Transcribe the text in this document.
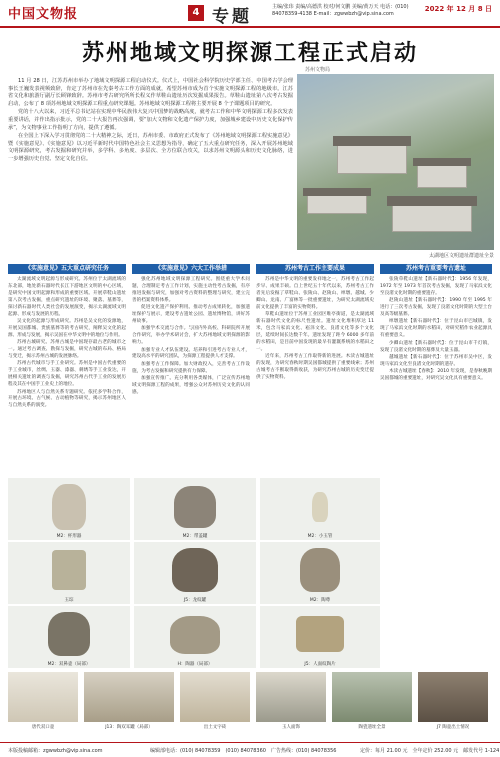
中国文物报	4 专题	主编/张玮 责编/高德洪 校对/何文鹏 美编/黄万天 电话：(010) 84078359-4138 E-mail：zgwwbzh@vip.sina.com
2022 年 12 月 8 日
苏州地域文明探源工程正式启动
苏州文物局

11 月 28 日，江苏苏州市举办了地域文明探源工程启动仪式。仪式上，中国社会科学院历史学部主任、中国考古学会理事长王巍发表视频致辞，肯定了苏州市在先秦考古工作方面的成就，希望苏州市成为首个实施文明探源工程的地级市。江苏省文化和旅游厅副厅长顾锋致辞。苏州市考古研究所所长程义作草鞋山遗址历次发掘成果报告。草鞋山遗址第八次考古发掘启动，公布了 8 项苏州地域文明探源工程重点研究课题。苏州地域文明探源工程将主要开展 8 个子课题项目的研究。

党的十八大以来，习近平总书记站在实现中华民族伟大复兴中国梦的战略高度，就考古工作和中华文明探源工程多次发表重要讲话，并作出指示批示，党的二十大报告再次强调，要“加大文物和文化遗产保护力度，加强城乡建设中历史文化保护传承”，为文物事业工作指明了方向，提供了遵循。

在全国上下深入学习贯彻党的二十大精神之际，近日，苏州市委、市政府正式发布了《苏州地域文明探源工程实施意见》暨《实施意见》、《实施意见》以习近平新时代中国特色社会主义思想为指导，确定了五大重点研究任务，深入开展苏州地域文明探源研究，考古发掘和研究并举，多学科、多角度、多层次、全方位联合攻关，以求苏州文明源头和历史文化脉络，进一步增强历史自觉、坚定文化自信。

太湖地区文明遗址群遗址全景
《实施意见》五大重点研究任务

太湖流域文明起源与形成研究。苏州位于太湖流域的东北部，地处新石器时代长江下游地区文明的中心区域，是研究中国文明起源和形成的重要区域。开展草鞋山遗址第八次考古发掘，重点研究遗址的环境、聚落、墓葬等，探讨新石器时代人类社会的发展演变，揭示太湖流域文明起源、形成与发展的历程。

吴文化的起源与形成研究。苏州是吴文化的发源地，开展吴国都城、贵族墓葬等的考古研究，阐释吴文化的起源、形成与发展，揭示吴国在中华文明中的地位与作用。

苏州古城研究。苏州古城是中国现存最古老的城市之一。通过考古调查、勘探与发掘，研究古城的布局、格局与变迁，揭示苏州古城的发展脉络。

苏州古代城市与手工业研究。苏州是中国古代重要的手工业城市，丝绸、玉器、漆器、刺绣等手工业发达，开展相关遗址的调查与发掘，研究苏州古代手工业的发展历程及其在中国手工业史上的地位。

苏州地区人与自然关系专题研究。依托多学科合作，开展古环境、古气候、古动植物等研究，揭示苏州地区人与自然关系的演变。

《实施意见》六大工作举措

强化苏州地域文明探源工程研究。围绕重大学术问题，合理制定考古工作计划，实施主动性考古发掘，有序推进发掘与研究，加强对考古资料的整理与研究，建立完善的档案资料体系。

促进文化遗产保护利用。推动考古成果转化，加强遗址保护与展示，建设考古遗址公园、遗址博物馆，讲好苏州故事。

加强学术交流与合作。与国内外高校、科研院所开展合作研究，举办学术研讨会，扩大苏州地域文明探源的影响力。

加强专业人才队伍建设。培养和引进考古专业人才，建设高水平的研究团队，为探源工程提供人才支撑。

加强考古工作保障。加大财政投入，完善考古工作设施，为考古发掘和研究提供有力保障。

加强宣传推广。充分利用各类媒体，广泛宣传苏州地域文明探源工程的成果，增强公众对苏州历史文化的认同感。

苏州考古工作主要成果

苏州是中华文明的重要发祥地之一，苏州考古工作起步早、成果丰硕。自上世纪五十年代以来，苏州考古工作者先后发掘了草鞋山、张陵山、赵陵山、绰墩、越城、少卿山、龙南、广富林等一批重要遗址，为研究太湖流域史前文化提供了丰富的实物资料。

草鞋山遗址位于苏州工业园区唯亭街道，是太湖流域新石器时代文化的标尺性遗址。遗址文化堆积厚达 11 米，包含马家浜文化、崧泽文化、良渚文化等多个文化层，延续时间长达数千年。遗址发现了距今 6000 多年前的水稻田，是目前中国发现的最早有灌溉系统的水稻田之一。

近年来，苏州考古工作取得新的进展。木渎古城遗址的发现，为研究春秋时期吴国都城提供了重要线索；苏州古城考古不断取得新收获，为研究苏州古城的历史变迁提供了实物资料。

苏州考古重要考古遗址

张陵草鞋山遗址【新石器时代】：1956 年发现，1972 年至 1973 年首次考古发掘，发现了马家浜文化至良渚文化时期的重要遗存。

赵陵山遗址【新石器时代】：1990 年至 1995 年进行了三次考古发掘，发现了良渚文化时期的大型土台及高等级墓葬。

绰墩遗址【新石器时代】：位于昆山市巴城镇，发现了马家浜文化时期的水稻田，对研究稻作农业起源具有重要意义。

少卿山遗址【新石器时代】：位于昆山市千灯镇，发现了良渚文化时期的墓葬及大量玉器。

越城遗址【新石器时代】：位于苏州市吴中区，发现马家浜文化至良渚文化时期的遗存。

木渎古城遗址【春秋】：2010 年发现，是春秋晚期吴国都城的重要遗址，对研究吴文化具有重要意义。

M2：杯形器	M2：带盖罐	M2：小玉管
玉琮	J5：龙纹罐	M2：陶尊
M2：双鼻壶（局部）	H：陶器（局部）	J5：人面纹陶片
唐代双口壶	J13：陶双耳罐（局部）	出土文字砖	玉人面饰	陶瓷遗址全景	J7 陶壶出土情况
本版投稿邮箱：zgwwbzh@vip.sina.com	编辑部电话：(010) 84078359　(010) 84078360　广告热线：(010) 84078356	定价：每月 21.00 元　全年定价 252.00 元　邮发代号 1-124
